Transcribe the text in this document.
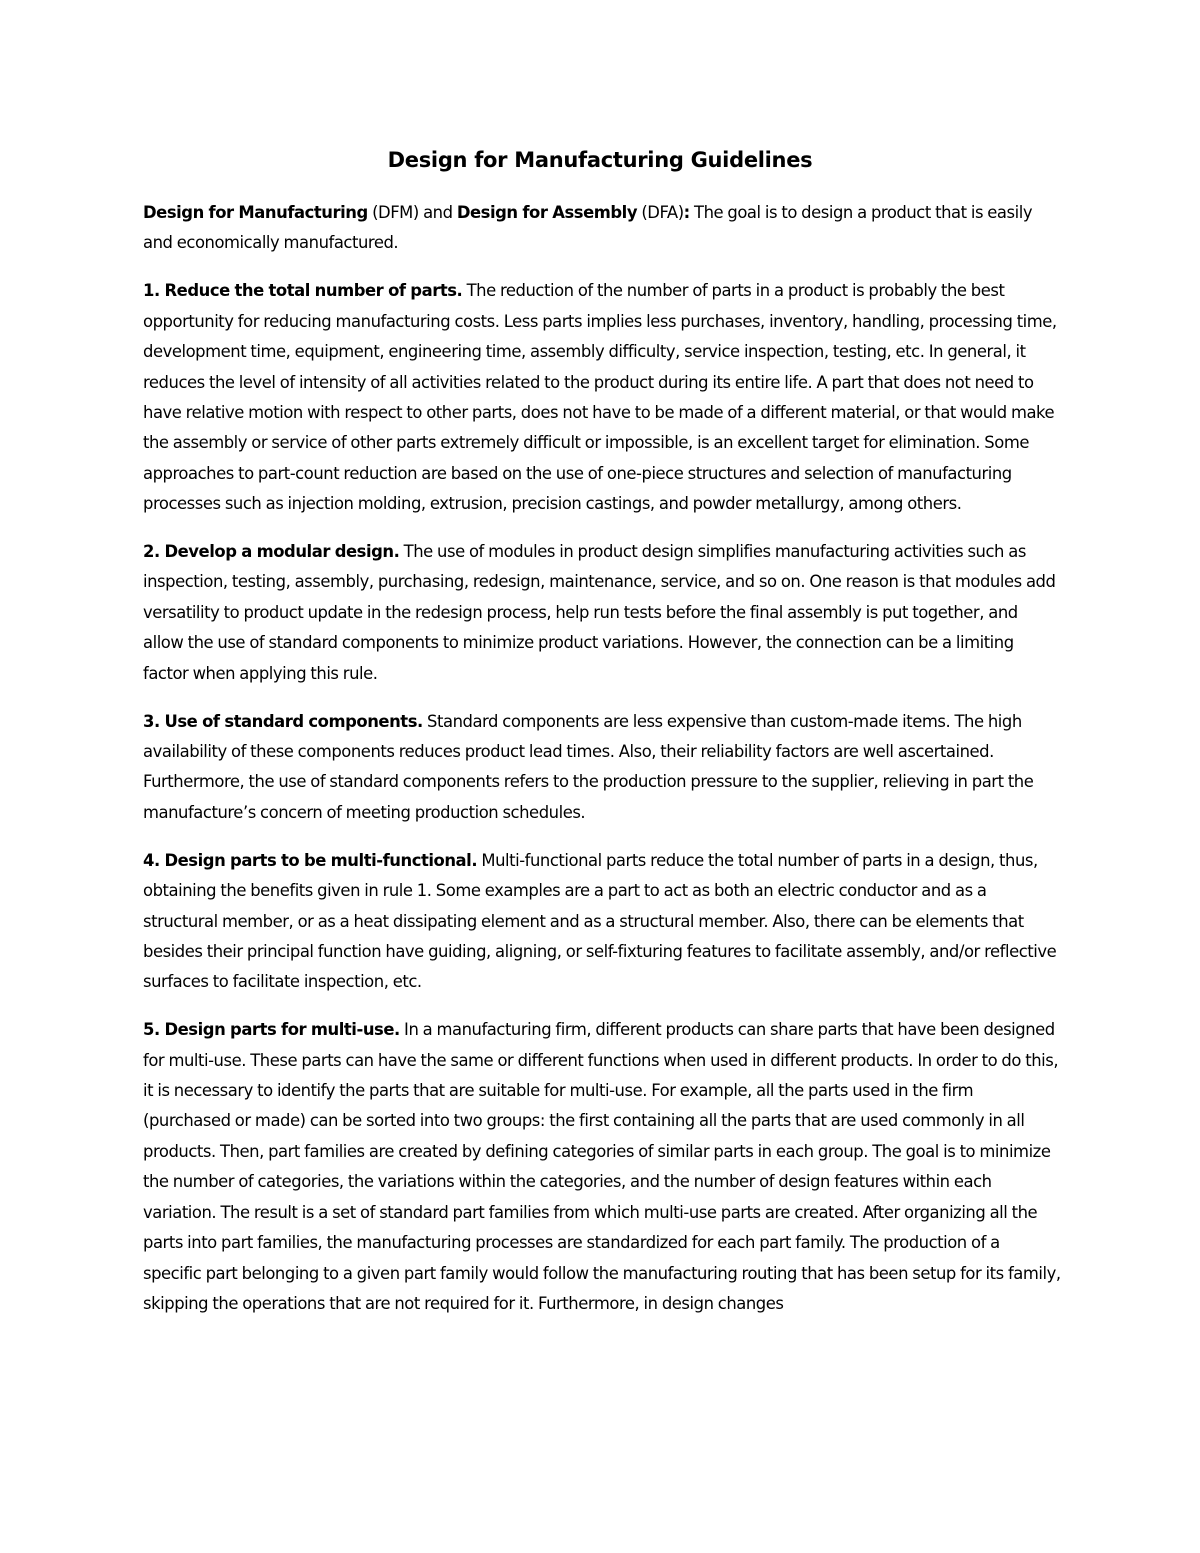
Design for Manufacturing Guidelines

Design for Manufacturing (DFM) and Design for Assembly (DFA): The goal is to design a product that is easily and economically manufactured.

1. Reduce the total number of parts. The reduction of the number of parts in a product is probably the best opportunity for reducing manufacturing costs. Less parts implies less purchases, inventory, handling, processing time, development time, equipment, engineering time, assembly difficulty, service inspection, testing, etc. In general, it reduces the level of intensity of all activities related to the product during its entire life. A part that does not need to have relative motion with respect to other parts, does not have to be made of a different material, or that would make the assembly or service of other parts extremely difficult or impossible, is an excellent target for elimination. Some approaches to part-count reduction are based on the use of one-piece structures and selection of manufacturing processes such as injection molding, extrusion, precision castings, and powder metallurgy, among others.

2. Develop a modular design. The use of modules in product design simplifies manufacturing activities such as inspection, testing, assembly, purchasing, redesign, maintenance, service, and so on. One reason is that modules add versatility to product update in the redesign process, help run tests before the final assembly is put together, and allow the use of standard components to minimize product variations. However, the connection can be a limiting factor when applying this rule.

3. Use of standard components. Standard components are less expensive than custom-made items. The high availability of these components reduces product lead times. Also, their reliability factors are well ascertained. Furthermore, the use of standard components refers to the production pressure to the supplier, relieving in part the manufacture’s concern of meeting production schedules.

4. Design parts to be multi-functional. Multi-functional parts reduce the total number of parts in a design, thus, obtaining the benefits given in rule 1. Some examples are a part to act as both an electric conductor and as a structural member, or as a heat dissipating element and as a structural member. Also, there can be elements that besides their principal function have guiding, aligning, or self-fixturing features to facilitate assembly, and/or reflective surfaces to facilitate inspection, etc.

5. Design parts for multi-use. In a manufacturing firm, different products can share parts that have been designed for multi-use. These parts can have the same or different functions when used in different products. In order to do this, it is necessary to identify the parts that are suitable for multi-use. For example, all the parts used in the firm (purchased or made) can be sorted into two groups: the first containing all the parts that are used commonly in all products. Then, part families are created by defining categories of similar parts in each group. The goal is to minimize the number of categories, the variations within the categories, and the number of design features within each variation. The result is a set of standard part families from which multi-use parts are created. After organizing all the parts into part families, the manufacturing processes are standardized for each part family. The production of a specific part belonging to a given part family would follow the manufacturing routing that has been setup for its family, skipping the operations that are not required for it. Furthermore, in design changes
